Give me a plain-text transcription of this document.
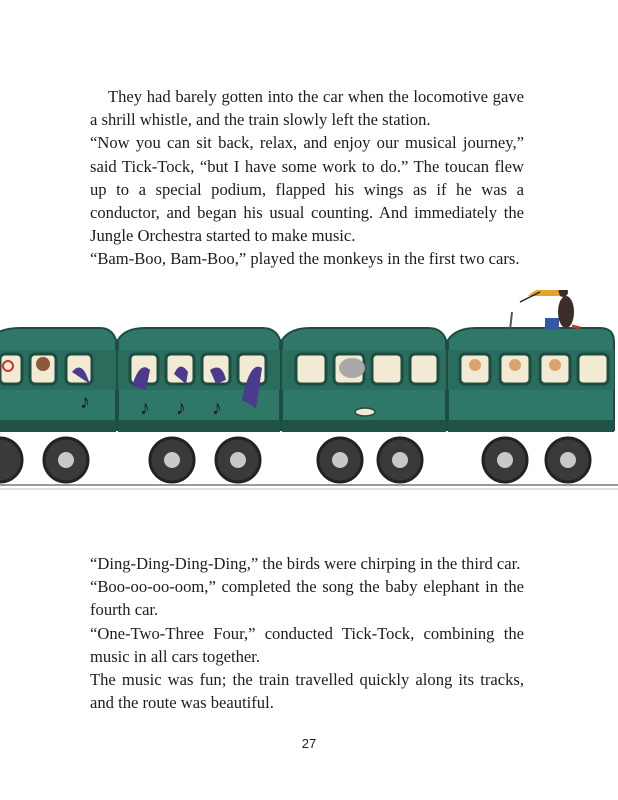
They had barely gotten into the car when the locomotive gave a shrill whistle, and the train slowly left the station.

“Now you can sit back, relax, and enjoy our musical journey,” said Tick-Tock, “but I have some work to do.” The toucan flew up to a special podium, flapped his wings as if he was a conductor, and began his usual counting. And immediately the Jungle Orchestra started to make music.

“Bam-Boo, Bam-Boo,” played the monkeys in the first two cars.

♪	♪ ♪ ♪

“Ding-Ding-Ding-Ding,” the birds were chirping in the third car.

“Boo-oo-oo-oom,” completed the song the baby elephant in the fourth car.

“One-Two-Three Four,” conducted Tick-Tock, combining the music in all cars together.

The music was fun; the train travelled quickly along its tracks, and the route was beautiful.

27
